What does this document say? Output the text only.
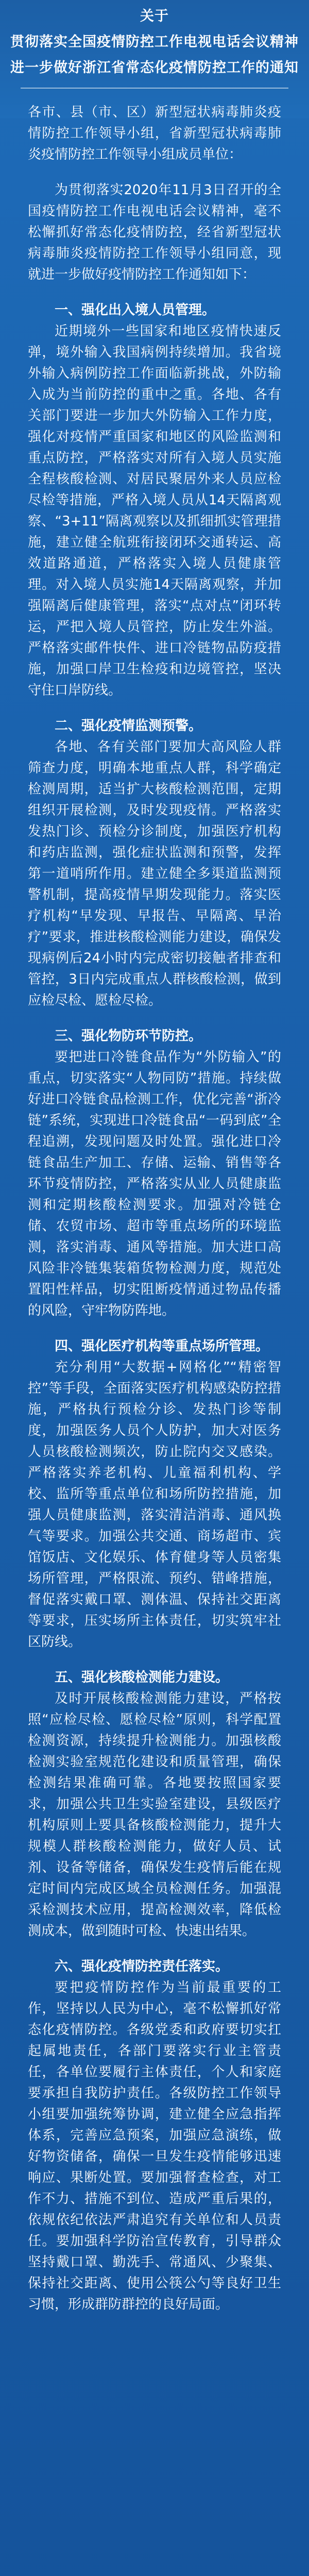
关于
贯彻落实全国疫情防控工作电视电话会议精神
进一步做好浙江省常态化疫情防控工作的通知

各市、县（市、区）新型冠状病毒肺炎疫情防控工作领导小组，省新型冠状病毒肺炎疫情防控工作领导小组成员单位：

为贯彻落实2020年11月3日召开的全国疫情防控工作电视电话会议精神，毫不松懈抓好常态化疫情防控，经省新型冠状病毒肺炎疫情防控工作领导小组同意，现就进一步做好疫情防控工作通知如下：

一、强化出入境人员管理。

近期境外一些国家和地区疫情快速反弹，境外输入我国病例持续增加。我省境外输入病例防控工作面临新挑战，外防输入成为当前防控的重中之重。各地、各有关部门要进一步加大外防输入工作力度，强化对疫情严重国家和地区的风险监测和重点防控，严格落实对所有入境人员实施全程核酸检测、对居民聚居外来人员应检尽检等措施，严格入境人员从14天隔离观察、“3+11”隔离观察以及抓细抓实管理措施，建立健全航班衔接闭环交通转运、高效道路通道，严格落实入境人员健康管理。对入境人员实施14天隔离观察，并加强隔离后健康管理，落实“点对点”闭环转运，严把入境人员管控，防止发生外溢。严格落实邮件快件、进口冷链物品防疫措施，加强口岸卫生检疫和边境管控，坚决守住口岸防线。

二、强化疫情监测预警。

各地、各有关部门要加大高风险人群筛查力度，明确本地重点人群，科学确定检测周期，适当扩大核酸检测范围，定期组织开展检测，及时发现疫情。严格落实发热门诊、预检分诊制度，加强医疗机构和药店监测，强化症状监测和预警，发挥第一道哨所作用。建立健全多渠道监测预警机制，提高疫情早期发现能力。落实医疗机构“早发现、早报告、早隔离、早治疗”要求，推进核酸检测能力建设，确保发现病例后24小时内完成密切接触者排查和管控，3日内完成重点人群核酸检测，做到应检尽检、愿检尽检。

三、强化物防环节防控。

要把进口冷链食品作为“外防输入”的重点，切实落实“人物同防”措施。持续做好进口冷链食品检测工作，优化完善“浙冷链”系统，实现进口冷链食品“一码到底”全程追溯，发现问题及时处置。强化进口冷链食品生产加工、存储、运输、销售等各环节疫情防控，严格落实从业人员健康监测和定期核酸检测要求。加强对冷链仓储、农贸市场、超市等重点场所的环境监测，落实消毒、通风等措施。加大进口高风险非冷链集装箱货物检测力度，规范处置阳性样品，切实阻断疫情通过物品传播的风险，守牢物防阵地。

四、强化医疗机构等重点场所管理。

充分利用“大数据+网格化”“精密智控”等手段，全面落实医疗机构感染防控措施，严格执行预检分诊、发热门诊等制度，加强医务人员个人防护，加大对医务人员核酸检测频次，防止院内交叉感染。严格落实养老机构、儿童福利机构、学校、监所等重点单位和场所防控措施，加强人员健康监测，落实清洁消毒、通风换气等要求。加强公共交通、商场超市、宾馆饭店、文化娱乐、体育健身等人员密集场所管理，严格限流、预约、错峰措施，督促落实戴口罩、测体温、保持社交距离等要求，压实场所主体责任，切实筑牢社区防线。

五、强化核酸检测能力建设。

及时开展核酸检测能力建设，严格按照“应检尽检、愿检尽检”原则，科学配置检测资源，持续提升检测能力。加强核酸检测实验室规范化建设和质量管理，确保检测结果准确可靠。各地要按照国家要求，加强公共卫生实验室建设，县级医疗机构原则上要具备核酸检测能力，提升大规模人群核酸检测能力，做好人员、试剂、设备等储备，确保发生疫情后能在规定时间内完成区域全员检测任务。加强混采检测技术应用，提高检测效率，降低检测成本，做到随时可检、快速出结果。

六、强化疫情防控责任落实。

要把疫情防控作为当前最重要的工作，坚持以人民为中心，毫不松懈抓好常态化疫情防控。各级党委和政府要切实扛起属地责任，各部门要落实行业主管责任，各单位要履行主体责任，个人和家庭要承担自我防护责任。各级防控工作领导小组要加强统筹协调，建立健全应急指挥体系，完善应急预案，加强应急演练，做好物资储备，确保一旦发生疫情能够迅速响应、果断处置。要加强督查检查，对工作不力、措施不到位、造成严重后果的，依规依纪依法严肃追究有关单位和人员责任。要加强科学防治宣传教育，引导群众坚持戴口罩、勤洗手、常通风、少聚集、保持社交距离、使用公筷公勺等良好卫生习惯，形成群防群控的良好局面。
